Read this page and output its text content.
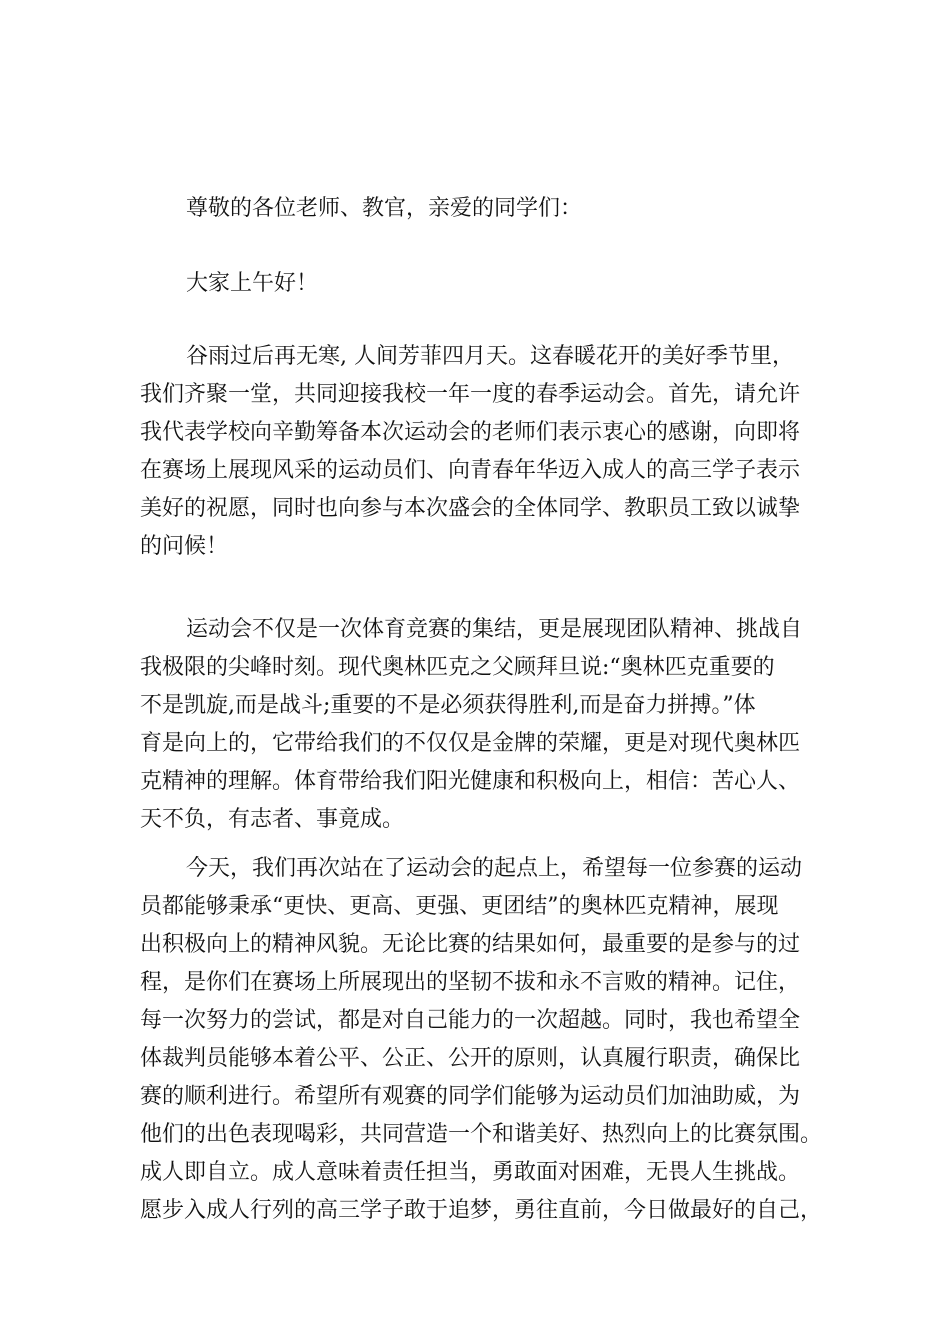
尊敬的各位老师、教官，亲爱的同学们：
大家上午好！
谷雨过后再无寒, 人间芳菲四月天。这春暖花开的美好季节里，
我们齐聚一堂，共同迎接我校一年一度的春季运动会。首先，请允许
我代表学校向辛勤筹备本次运动会的老师们表示衷心的感谢，向即将
在赛场上展现风采的运动员们、向青春年华迈入成人的高三学子表示
美好的祝愿，同时也向参与本次盛会的全体同学、教职员工致以诚挚
的问候！
运动会不仅是一次体育竞赛的集结，更是展现团队精神、挑战自
我极限的尖峰时刻。现代奥林匹克之父顾拜旦说:“奥林匹克重要的
不是凯旋,而是战斗;重要的不是必须获得胜利,而是奋力拼搏。”体
育是向上的，它带给我们的不仅仅是金牌的荣耀，更是对现代奥林匹
克精神的理解。体育带给我们阳光健康和积极向上，相信：苦心人、
天不负，有志者、事竟成。
今天，我们再次站在了运动会的起点上，希望每一位参赛的运动
员都能够秉承“更快、更高、更强、更团结”的奥林匹克精神，展现
出积极向上的精神风貌。无论比赛的结果如何，最重要的是参与的过
程，是你们在赛场上所展现出的坚韧不拔和永不言败的精神。记住，
每一次努力的尝试，都是对自己能力的一次超越。同时，我也希望全
体裁判员能够本着公平、公正、公开的原则，认真履行职责，确保比
赛的顺利进行。希望所有观赛的同学们能够为运动员们加油助威，为
他们的出色表现喝彩，共同营造一个和谐美好、热烈向上的比赛氛围。
成人即自立。成人意味着责任担当，勇敢面对困难，无畏人生挑战。
愿步入成人行列的高三学子敢于追梦，勇往直前，今日做最好的自己，
